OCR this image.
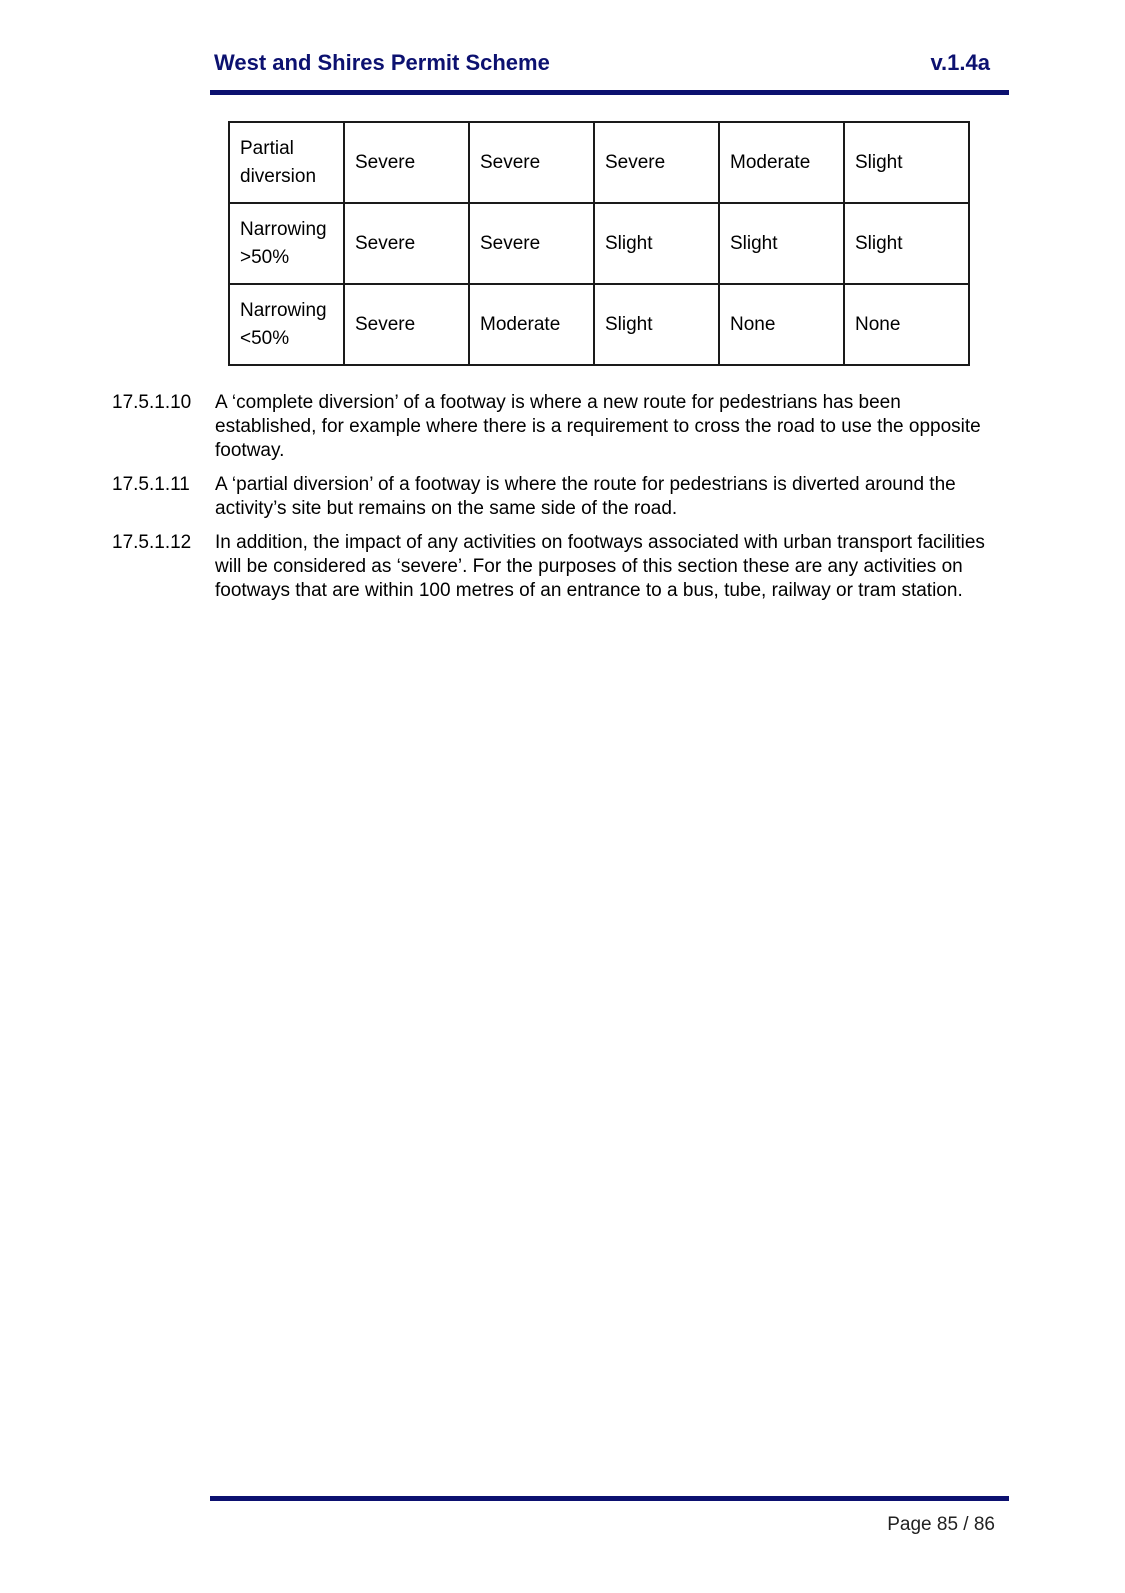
West and Shires Permit Scheme	v.1.4a
Partial diversion	Severe	Severe	Severe	Moderate	Slight
Narrowing >50%	Severe	Severe	Slight	Slight	Slight
Narrowing <50%	Severe	Moderate	Slight	None	None
17.5.1.10 A ‘complete diversion’ of a footway is where a new route for pedestrians has been established, for example where there is a requirement to cross the road to use the opposite footway.
17.5.1.11 A ‘partial diversion’ of a footway is where the route for pedestrians is diverted around the activity’s site but remains on the same side of the road.
17.5.1.12 In addition, the impact of any activities on footways associated with urban transport facilities will be considered as ‘severe’. For the purposes of this section these are any activities on footways that are within 100 metres of an entrance to a bus, tube, railway or tram station.
Page 85 / 86
